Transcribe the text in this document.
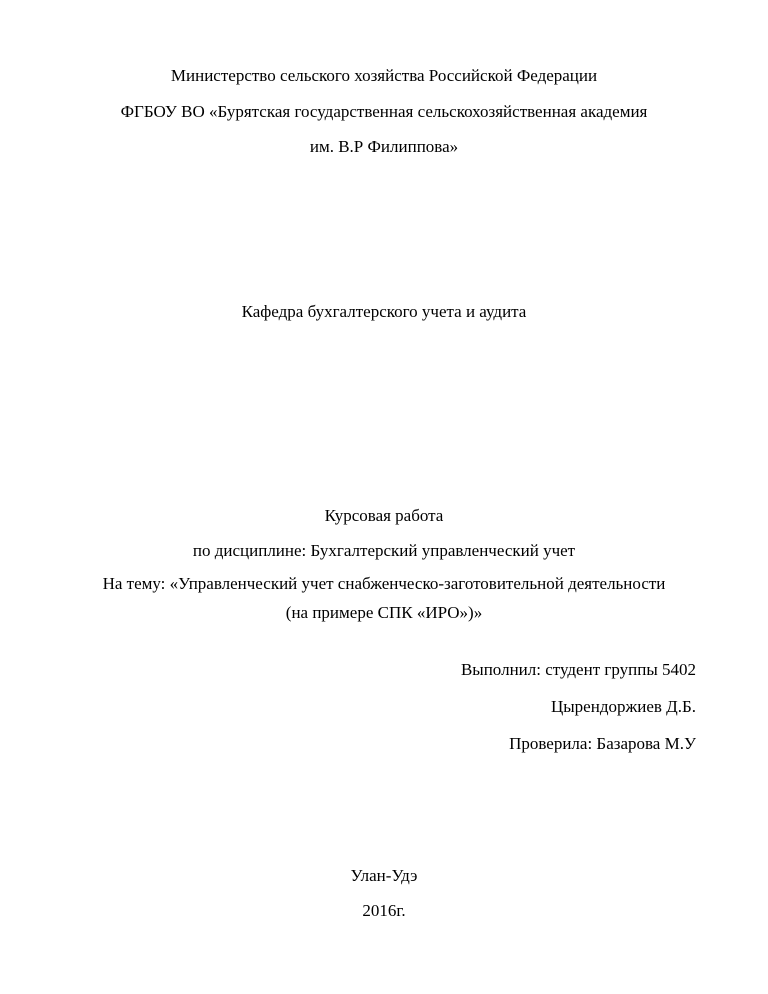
Министерство сельского хозяйства Российской Федерации
ФГБОУ ВО «Бурятская государственная сельскохозяйственная академия
им. В.Р Филиппова»
Кафедра бухгалтерского учета и аудита
Курсовая работа
по дисциплине: Бухгалтерский управленческий учет
На тему: «Управленческий учет снабженческо-заготовительной деятельности
(на примере СПК «ИРО»)»
Выполнил: студент группы 5402
Цырендоржиев Д.Б.
Проверила: Базарова М.У
Улан-Удэ
2016г.
